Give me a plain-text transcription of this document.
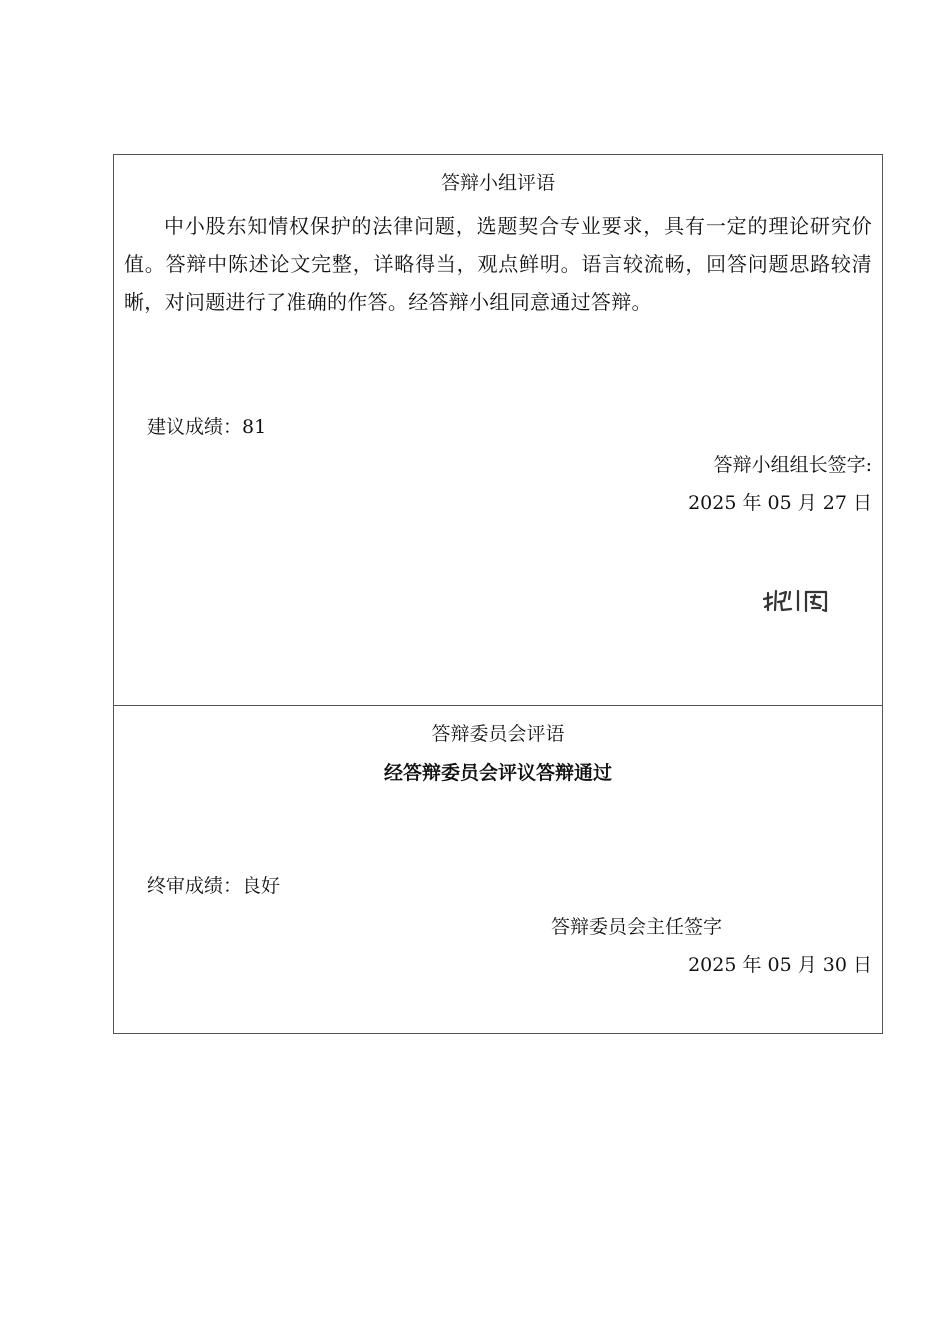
答辩小组评语
中小股东知情权保护的法律问题，选题契合专业要求，具有一定的理论研究价值。答辩中陈述论文完整，详略得当，观点鲜明。语言较流畅，回答问题思路较清晰，对问题进行了准确的作答。经答辩小组同意通过答辩。
建议成绩：81
答辩小组组长签字:
2025 年 05 月 27 日
答辩委员会评语
经答辩委员会评议答辩通过
终审成绩：良好
答辩委员会主任签字
2025 年 05 月 30 日
